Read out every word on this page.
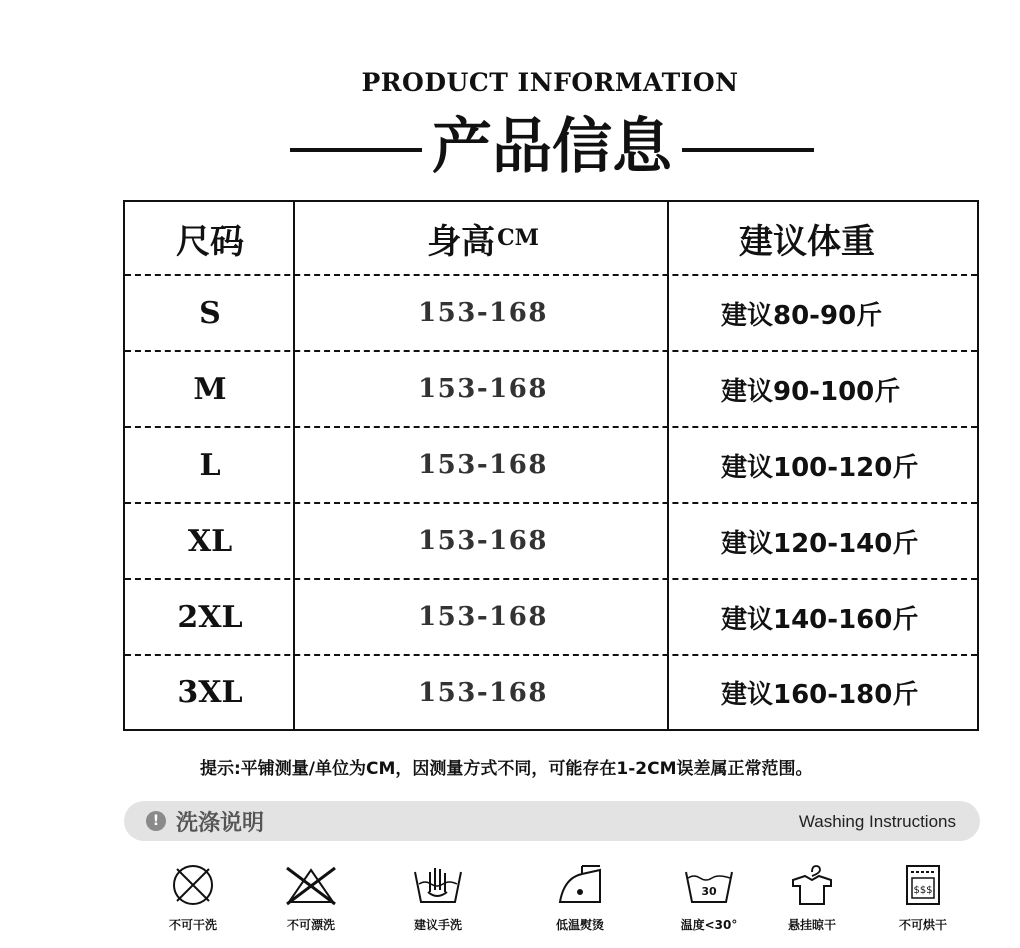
PRODUCT INFORMATION
产品信息
尺码	身高 CM	建议体重
S	153-168	建议80-90斤
M	153-168	建议90-100斤
L	153-168	建议100-120斤
XL	153-168	建议120-140斤
2XL	153-168	建议140-160斤
3XL	153-168	建议160-180斤
提示:平铺测量/单位为CM，因测量方式不同，可能存在1-2CM误差属正常范围。
! 洗涤说明	Washing Instructions
不可干洗	不可漂洗	建议手洗	低温熨烫
30
温度<30°	悬挂晾干
$$$
不可烘干
